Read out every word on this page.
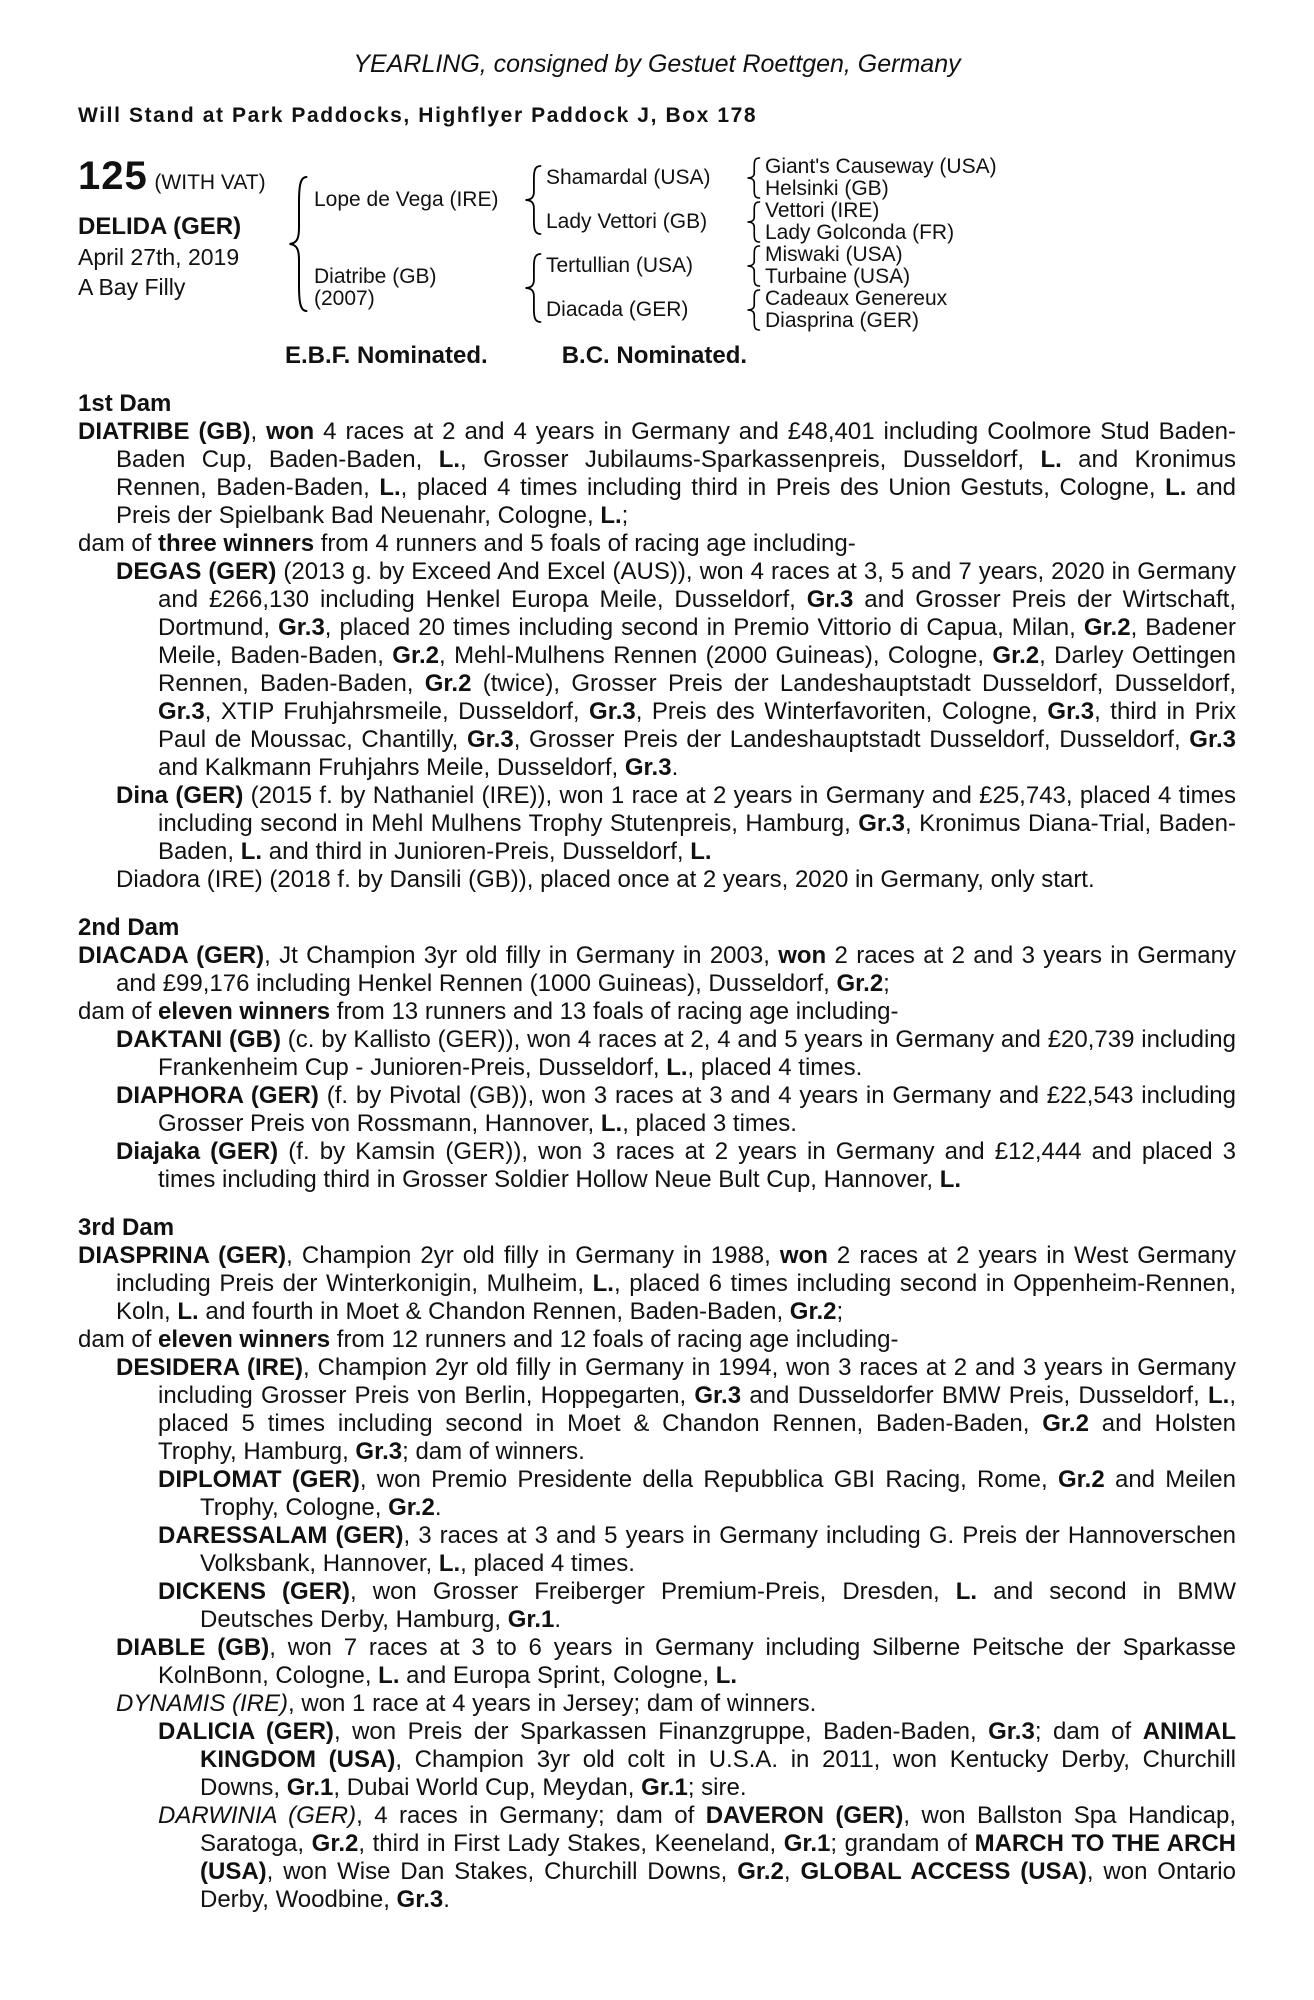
YEARLING, consigned by Gestuet Roettgen, Germany
Will Stand at Park Paddocks, Highflyer Paddock J, Box 178
125 (WITH VAT)
DELIDA (GER)
April 27th, 2019
A Bay Filly
Lope de Vega (IRE)
Shamardal (USA)	Giant's Causeway (USA)
Helsinki (GB)
Lady Vettori (GB)	Vettori (IRE)
Lady Golconda (FR)
Diatribe (GB)
(2007)
Tertullian (USA)	Miswaki (USA)
Turbaine (USA)
Diacada (GER)	Cadeaux Genereux
Diasprina (GER)
E.B.F. Nominated.	B.C. Nominated.
1st Dam

DIATRIBE (GB), won 4 races at 2 and 4 years in Germany and £48,401 including Coolmore Stud Baden-Baden Cup, Baden-Baden, L., Grosser Jubilaums-Sparkassenpreis, Dusseldorf, L. and Kronimus Rennen, Baden-Baden, L., placed 4 times including third in Preis des Union Gestuts, Cologne, L. and Preis der Spielbank Bad Neuenahr, Cologne, L.;

dam of three winners from 4 runners and 5 foals of racing age including-

DEGAS (GER) (2013 g. by Exceed And Excel (AUS)), won 4 races at 3, 5 and 7 years, 2020 in Germany and £266,130 including Henkel Europa Meile, Dusseldorf, Gr.3 and Grosser Preis der Wirtschaft, Dortmund, Gr.3, placed 20 times including second in Premio Vittorio di Capua, Milan, Gr.2, Badener Meile, Baden-Baden, Gr.2, Mehl-Mulhens Rennen (2000 Guineas), Cologne, Gr.2, Darley Oettingen Rennen, Baden-Baden, Gr.2 (twice), Grosser Preis der Landeshauptstadt Dusseldorf, Dusseldorf, Gr.3, XTIP Fruhjahrsmeile, Dusseldorf, Gr.3, Preis des Winterfavoriten, Cologne, Gr.3, third in Prix Paul de Moussac, Chantilly, Gr.3, Grosser Preis der Landeshauptstadt Dusseldorf, Dusseldorf, Gr.3 and Kalkmann Fruhjahrs Meile, Dusseldorf, Gr.3.

Dina (GER) (2015 f. by Nathaniel (IRE)), won 1 race at 2 years in Germany and £25,743, placed 4 times including second in Mehl Mulhens Trophy Stutenpreis, Hamburg, Gr.3, Kronimus Diana-Trial, Baden-Baden, L. and third in Junioren-Preis, Dusseldorf, L.

Diadora (IRE) (2018 f. by Dansili (GB)), placed once at 2 years, 2020 in Germany, only start.

2nd Dam

DIACADA (GER), Jt Champion 3yr old filly in Germany in 2003, won 2 races at 2 and 3 years in Germany and £99,176 including Henkel Rennen (1000 Guineas), Dusseldorf, Gr.2;

dam of eleven winners from 13 runners and 13 foals of racing age including-

DAKTANI (GB) (c. by Kallisto (GER)), won 4 races at 2, 4 and 5 years in Germany and £20,739 including Frankenheim Cup - Junioren-Preis, Dusseldorf, L., placed 4 times.

DIAPHORA (GER) (f. by Pivotal (GB)), won 3 races at 3 and 4 years in Germany and £22,543 including Grosser Preis von Rossmann, Hannover, L., placed 3 times.

Diajaka (GER) (f. by Kamsin (GER)), won 3 races at 2 years in Germany and £12,444 and placed 3 times including third in Grosser Soldier Hollow Neue Bult Cup, Hannover, L.

3rd Dam

DIASPRINA (GER), Champion 2yr old filly in Germany in 1988, won 2 races at 2 years in West Germany including Preis der Winterkonigin, Mulheim, L., placed 6 times including second in Oppenheim-Rennen, Koln, L. and fourth in Moet & Chandon Rennen, Baden-Baden, Gr.2;

dam of eleven winners from 12 runners and 12 foals of racing age including-

DESIDERA (IRE), Champion 2yr old filly in Germany in 1994, won 3 races at 2 and 3 years in Germany including Grosser Preis von Berlin, Hoppegarten, Gr.3 and Dusseldorfer BMW Preis, Dusseldorf, L., placed 5 times including second in Moet & Chandon Rennen, Baden-Baden, Gr.2 and Holsten Trophy, Hamburg, Gr.3; dam of winners.

DIPLOMAT (GER), won Premio Presidente della Repubblica GBI Racing, Rome, Gr.2 and Meilen Trophy, Cologne, Gr.2.

DARESSALAM (GER), 3 races at 3 and 5 years in Germany including G. Preis der Hannoverschen Volksbank, Hannover, L., placed 4 times.

DICKENS (GER), won Grosser Freiberger Premium-Preis, Dresden, L. and second in BMW Deutsches Derby, Hamburg, Gr.1.

DIABLE (GB), won 7 races at 3 to 6 years in Germany including Silberne Peitsche der Sparkasse KolnBonn, Cologne, L. and Europa Sprint, Cologne, L.

DYNAMIS (IRE), won 1 race at 4 years in Jersey; dam of winners.

DALICIA (GER), won Preis der Sparkassen Finanzgruppe, Baden-Baden, Gr.3; dam of ANIMAL KINGDOM (USA), Champion 3yr old colt in U.S.A. in 2011, won Kentucky Derby, Churchill Downs, Gr.1, Dubai World Cup, Meydan, Gr.1; sire.

DARWINIA (GER), 4 races in Germany; dam of DAVERON (GER), won Ballston Spa Handicap, Saratoga, Gr.2, third in First Lady Stakes, Keeneland, Gr.1; grandam of MARCH TO THE ARCH (USA), won Wise Dan Stakes, Churchill Downs, Gr.2, GLOBAL ACCESS (USA), won Ontario Derby, Woodbine, Gr.3.
